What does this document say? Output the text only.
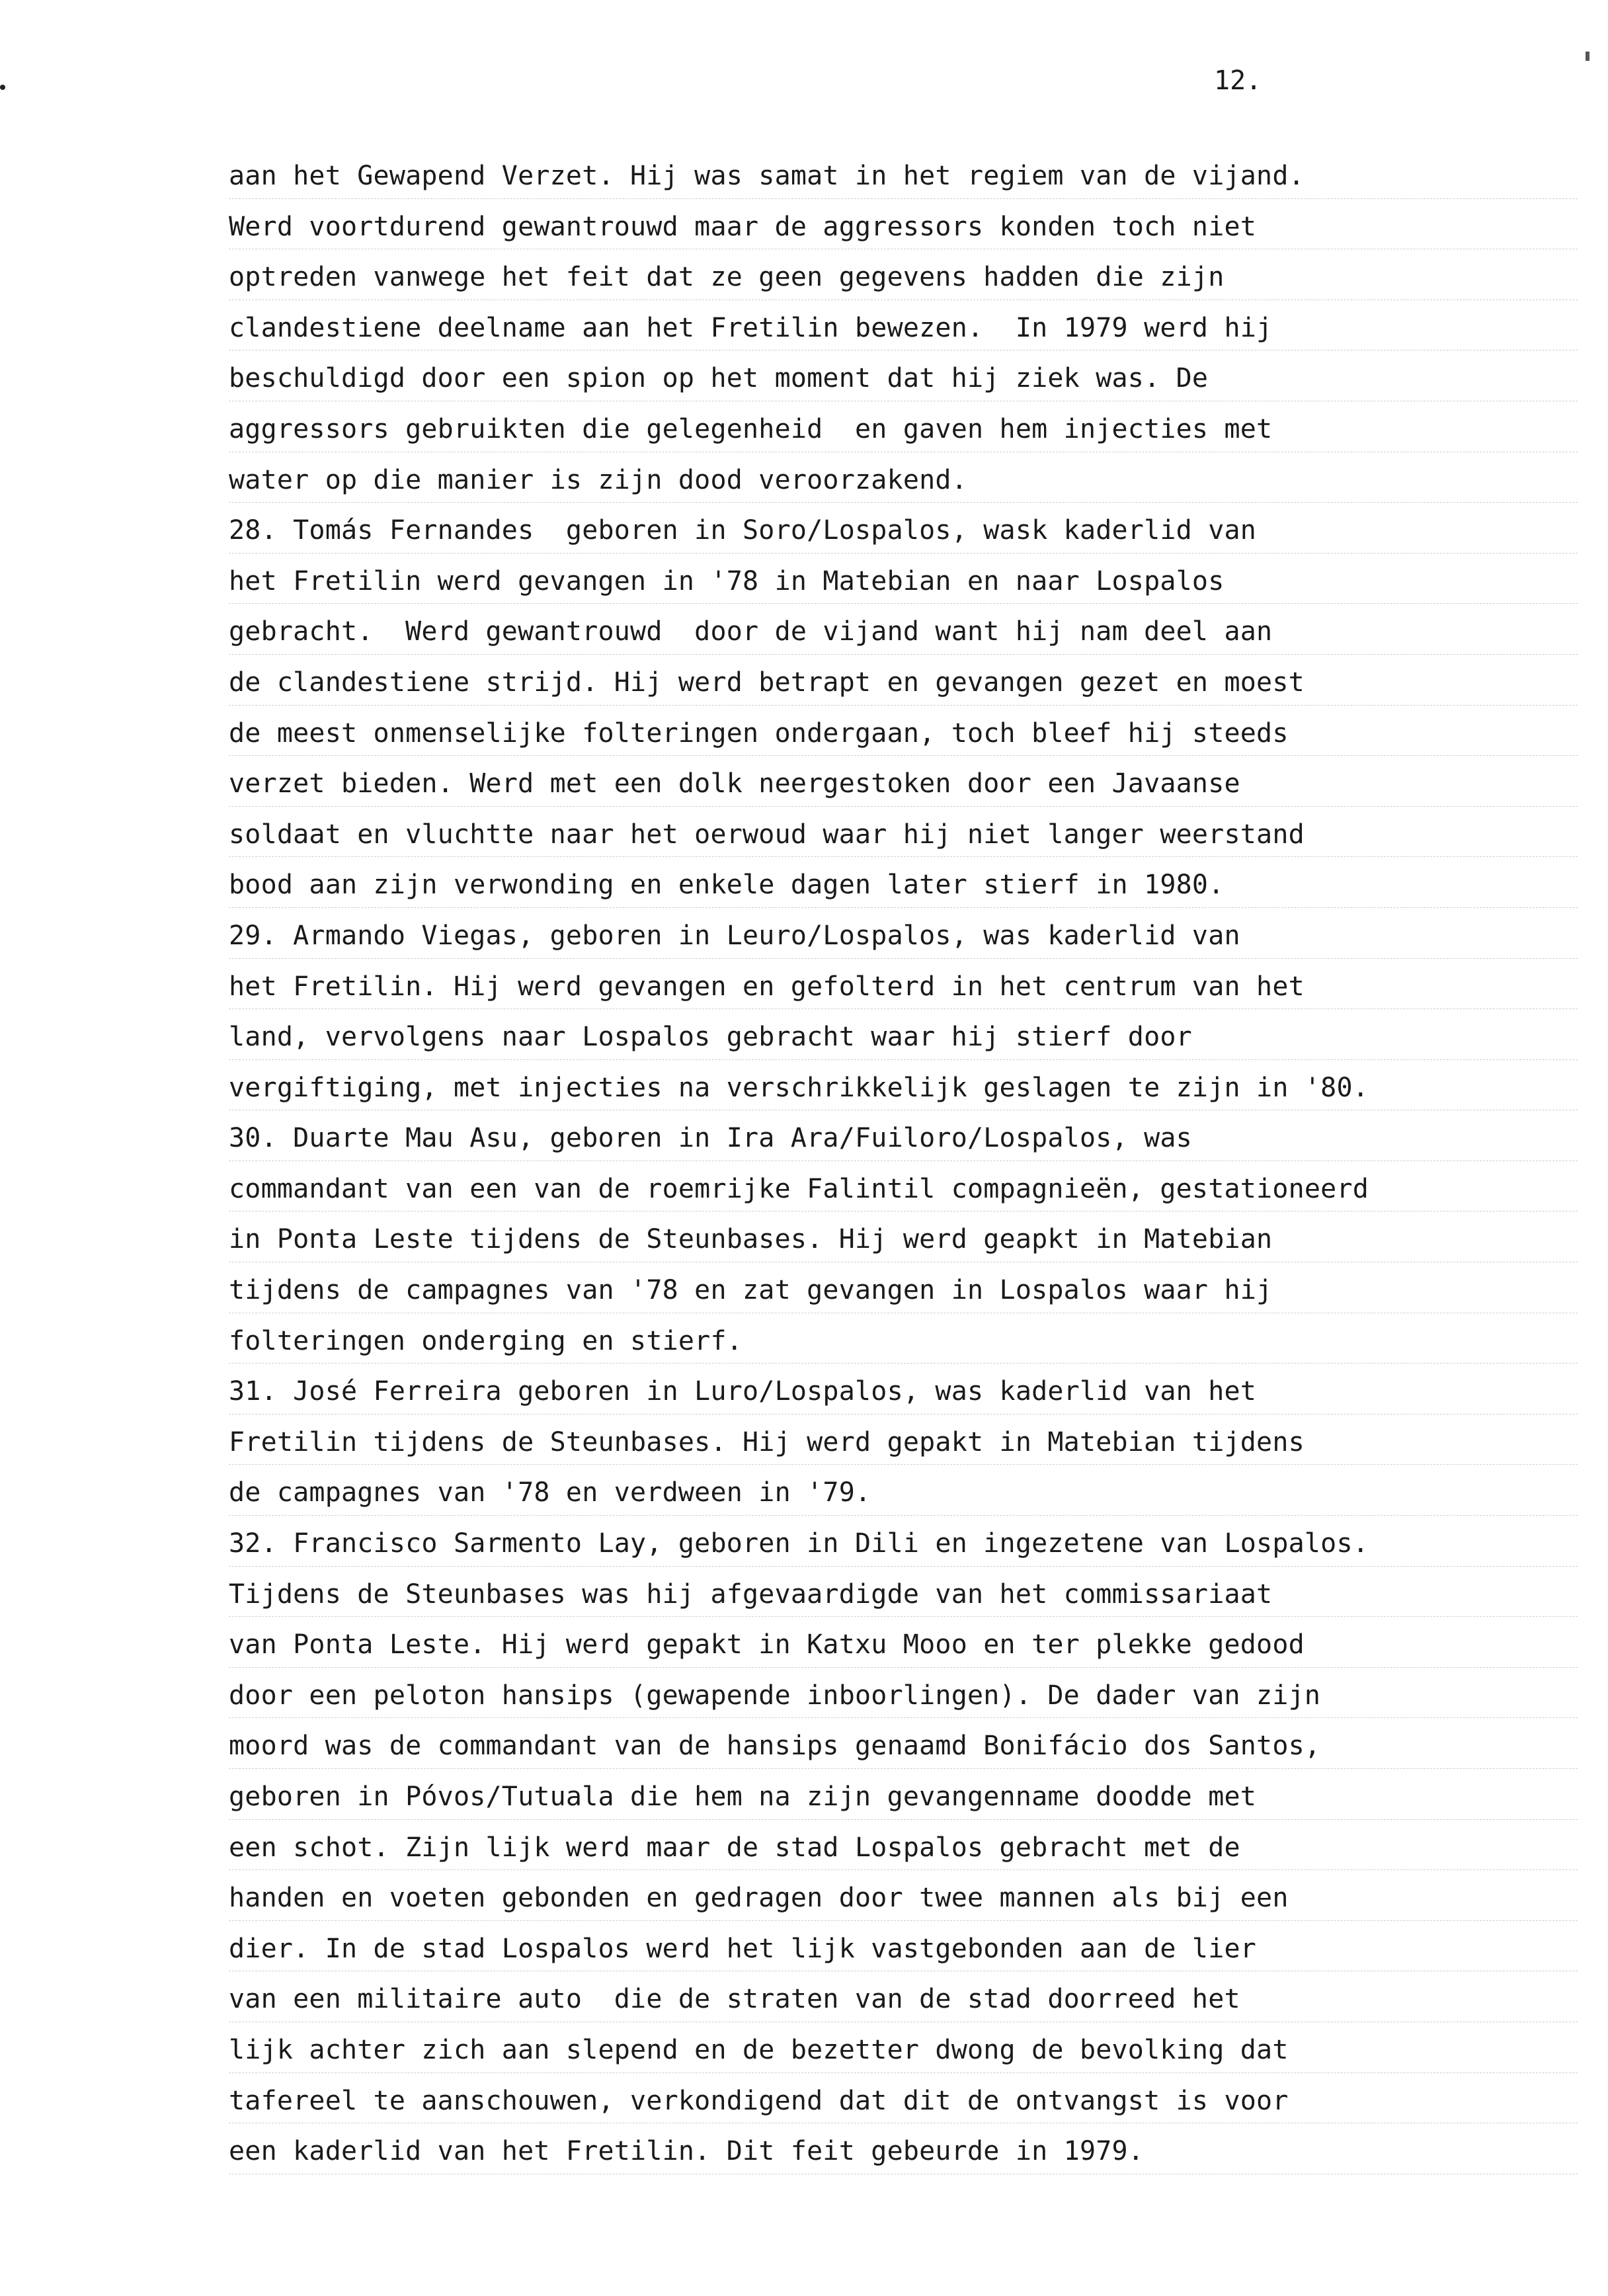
12.
aan het Gewapend Verzet. Hij was samat in het regiem van de vijand.
Werd voortdurend gewantrouwd maar de aggressors konden toch niet
optreden vanwege het feit dat ze geen gegevens hadden die zijn
clandestiene deelname aan het Fretilin bewezen.  In 1979 werd hij
beschuldigd door een spion op het moment dat hij ziek was. De
aggressors gebruikten die gelegenheid  en gaven hem injecties met
water op die manier is zijn dood veroorzakend.
28. Tomás Fernandes  geboren in Soro/Lospalos, wask kaderlid van
het Fretilin werd gevangen in '78 in Matebian en naar Lospalos
gebracht.  Werd gewantrouwd  door de vijand want hij nam deel aan
de clandestiene strijd. Hij werd betrapt en gevangen gezet en moest
de meest onmenselijke folteringen ondergaan, toch bleef hij steeds
verzet bieden. Werd met een dolk neergestoken door een Javaanse
soldaat en vluchtte naar het oerwoud waar hij niet langer weerstand
bood aan zijn verwonding en enkele dagen later stierf in 1980.
29. Armando Viegas, geboren in Leuro/Lospalos, was kaderlid van
het Fretilin. Hij werd gevangen en gefolterd in het centrum van het
land, vervolgens naar Lospalos gebracht waar hij stierf door
vergiftiging, met injecties na verschrikkelijk geslagen te zijn in '80.
30. Duarte Mau Asu, geboren in Ira Ara/Fuiloro/Lospalos, was
commandant van een van de roemrijke Falintil compagnieën, gestationeerd
in Ponta Leste tijdens de Steunbases. Hij werd geapkt in Matebian
tijdens de campagnes van '78 en zat gevangen in Lospalos waar hij
folteringen onderging en stierf.
31. José Ferreira geboren in Luro/Lospalos, was kaderlid van het
Fretilin tijdens de Steunbases. Hij werd gepakt in Matebian tijdens
de campagnes van '78 en verdween in '79.
32. Francisco Sarmento Lay, geboren in Dili en ingezetene van Lospalos.
Tijdens de Steunbases was hij afgevaardigde van het commissariaat
van Ponta Leste. Hij werd gepakt in Katxu Mooo en ter plekke gedood
door een peloton hansips (gewapende inboorlingen). De dader van zijn
moord was de commandant van de hansips genaamd Bonifácio dos Santos,
geboren in Póvos/Tutuala die hem na zijn gevangenname doodde met
een schot. Zijn lijk werd maar de stad Lospalos gebracht met de
handen en voeten gebonden en gedragen door twee mannen als bij een
dier. In de stad Lospalos werd het lijk vastgebonden aan de lier
van een militaire auto  die de straten van de stad doorreed het
lijk achter zich aan slepend en de bezetter dwong de bevolking dat
tafereel te aanschouwen, verkondigend dat dit de ontvangst is voor
een kaderlid van het Fretilin. Dit feit gebeurde in 1979.
